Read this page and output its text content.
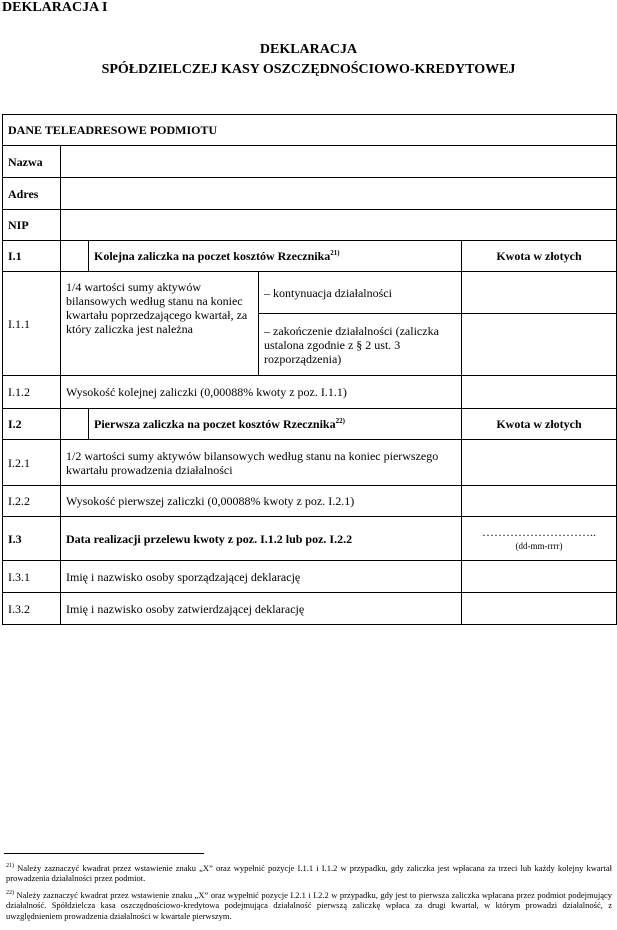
DEKLARACJA I
DEKLARACJA
SPÓŁDZIELCZEJ KASY OSZCZĘDNOŚCIOWO-KREDYTOWEJ
DANE TELEADRESOWE PODMIOTU				
Nazwa				
Adres				
NIP				
I.1		Kolejna zaliczka na poczet kosztów Rzecznika$^{21)}$		Kwota w złotych
I.1.1	1/4 wartości sumy aktywów bilansowych według stanu na koniec kwartału poprzedzającego kwartał, za który zaliczka jest należna		– kontynuacja działalności	
			– zakończenie działalności (zaliczka ustalona zgodnie z § 2 ust. 3 rozporządzenia)	
I.1.2	Wysokość kolejnej zaliczki (0,00088% kwoty z poz. I.1.1)			
I.2		Pierwsza zaliczka na poczet kosztów Rzecznika$^{22)}$		Kwota w złotych
I.2.1	1/2 wartości sumy aktywów bilansowych według stanu na koniec pierwszego kwartału prowadzenia działalności			
I.2.2	Wysokość pierwszej zaliczki (0,00088% kwoty z poz. I.2.1)			
I.3	Data realizacji przelewu kwoty z poz. I.1.2 lub poz. I.2.2			………………………..
(dd-mm-rrrr)

I.3.1	Imię i nazwisko osoby sporządzającej deklarację			
I.3.2	Imię i nazwisko osoby zatwierdzającej deklarację			
$^{21)}$ Należy zaznaczyć kwadrat przez wstawienie znaku „X” oraz wypełnić pozycje I.1.1 i I.1.2 w przypadku, gdy zaliczka jest wpłacana za trzeci lub każdy kolejny kwartał prowadzenia działalności przez podmiot.
$^{22)}$ Należy zaznaczyć kwadrat przez wstawienie znaku „X” oraz wypełnić pozycje I.2.1 i I.2.2 w przypadku, gdy jest to pierwsza zaliczka wpłacana przez podmiot podejmujący działalność. Spółdzielcza kasa oszczędnościowo-kredytowa podejmująca działalność pierwszą zaliczkę wpłaca za drugi kwartał, w którym prowadzi działalność, z uwzględnieniem prowadzenia działalności w kwartale pierwszym.
